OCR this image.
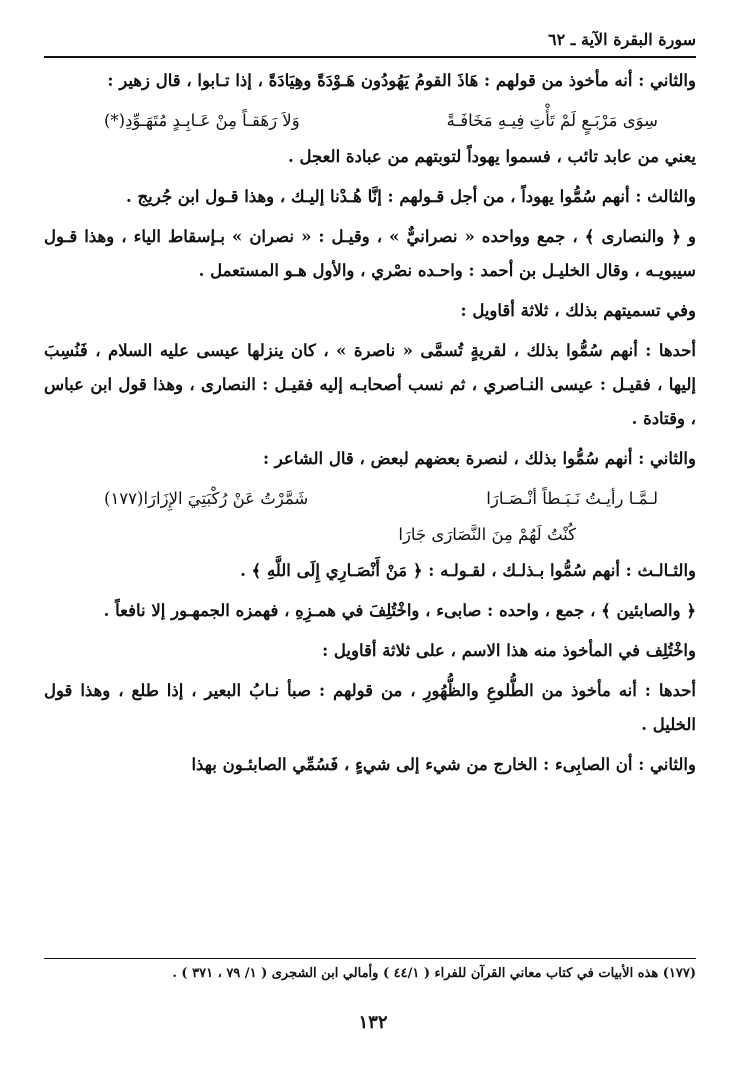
سورة البقرة الآية ـ ٦٢

والثاني : أنه مأخوذ من قولهم : هَاذَ القومُ يَهُودُون هَـوْدَةً وهِيَادَةً ، إذا تـابوا ، قال زهير :

سِوَى مَرْبَـعٍ لَمْ تَأْتِ فِيـهِ مَخَافَـةً
وَلاَ رَهَقـاً مِنْ عَـابِـدٍ مُتَهَـوِّدِ(*)

يعني من عابد تائب ، فسموا يهوداً لتوبتهم من عبادة العجل .

والثالث : أنهم سُمُّوا يهوداً ، من أجل قـولهم : إنَّا هُـدْنا إليـك ، وهذا قـول ابن جُريج .

و ﴿ والنصارى ﴾ ، جمع وواحده « نصرانيٌّ » ، وقيـل : « نصران » بـإسقاط الياء ، وهذا قـول سيبويـه ، وقال الخليـل بن أحمد : واحـده نصْري ، والأول هـو المستعمل .

وفي تسميتهم بذلك ، ثلاثة أقاويل :

أحدها : أنهم سُمُّوا بذلك ، لقريةٍ تُسمَّى « ناصرة » ، كان ينزلها عيسى عليه السلام ، فَنُسِبَ إليها ، فقيـل : عيسى النـاصري ، ثم نسب أصحابـه إليه فقيـل : النصارى ، وهذا قول ابن عباس ، وقتادة .

والثاني : أنهم سُمُّوا بذلك ، لنصرة بعضهم لبعض ، قال الشاعر :

لـمَّـا رأيـتُ نَـبَـطاً أنْـصَـارَا
شَمَّرْتُ عَنْ رُكْبَتِيَ الإِزَارَا(١٧٧)
كُنْتُ لَهُمْ مِنَ النَّصَارَى جَارَا

والثـالـث : أنهم سُمُّوا بـذلـك ، لقـولـه : ﴿ مَنْ أَنْصَـارِي إِلَى اللَّهِ ﴾ .

﴿ والصابئين ﴾ ، جمع ، واحده : صابىء ، واخْتُلِفَ في همـزِهِ ، فهمزه الجمهـور إلا نافعاً .

واخْتُلِف في المأخوذ منه هذا الاسم ، على ثلاثة أقاويل :

أحدها : أنه مأخوذ من الطُّلوعِ والظُّهُورِ ، من قولهم : صبأ نـابُ البعير ، إذا طلع ، وهذا قول الخليل .

والثاني : أن الصابِىء : الخارج من شيء إلى شيءٍ ، فَسُمِّي الصابئـون بهذا

(١٧٧) هذه الأبيات في كتاب معاني القرآن للفراء ( ٤٤/١ ) وأمالي ابن الشجرى ( ١/ ٧٩ ، ٣٧١ ) .
١٣٢
